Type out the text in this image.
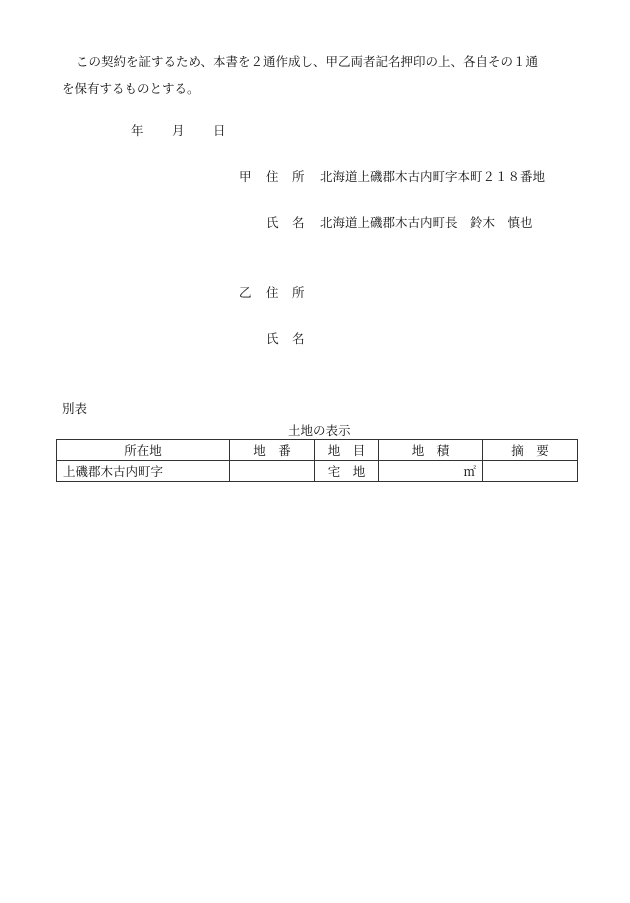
この契約を証するため、本書を２通作成し、甲乙両者記名押印の上、各自その１通
を保有するものとする。
年 月 日
甲 住 所 北海道上磯郡木古内町字本町２１８番地
氏 名 北海道上磯郡木古内町長　鈴木　慎也
乙 住 所
氏 名
別表
土地の表示
所在地	地　番	地　目	地　積	摘　要
上磯郡木古内町字		宅　地	㎡	
